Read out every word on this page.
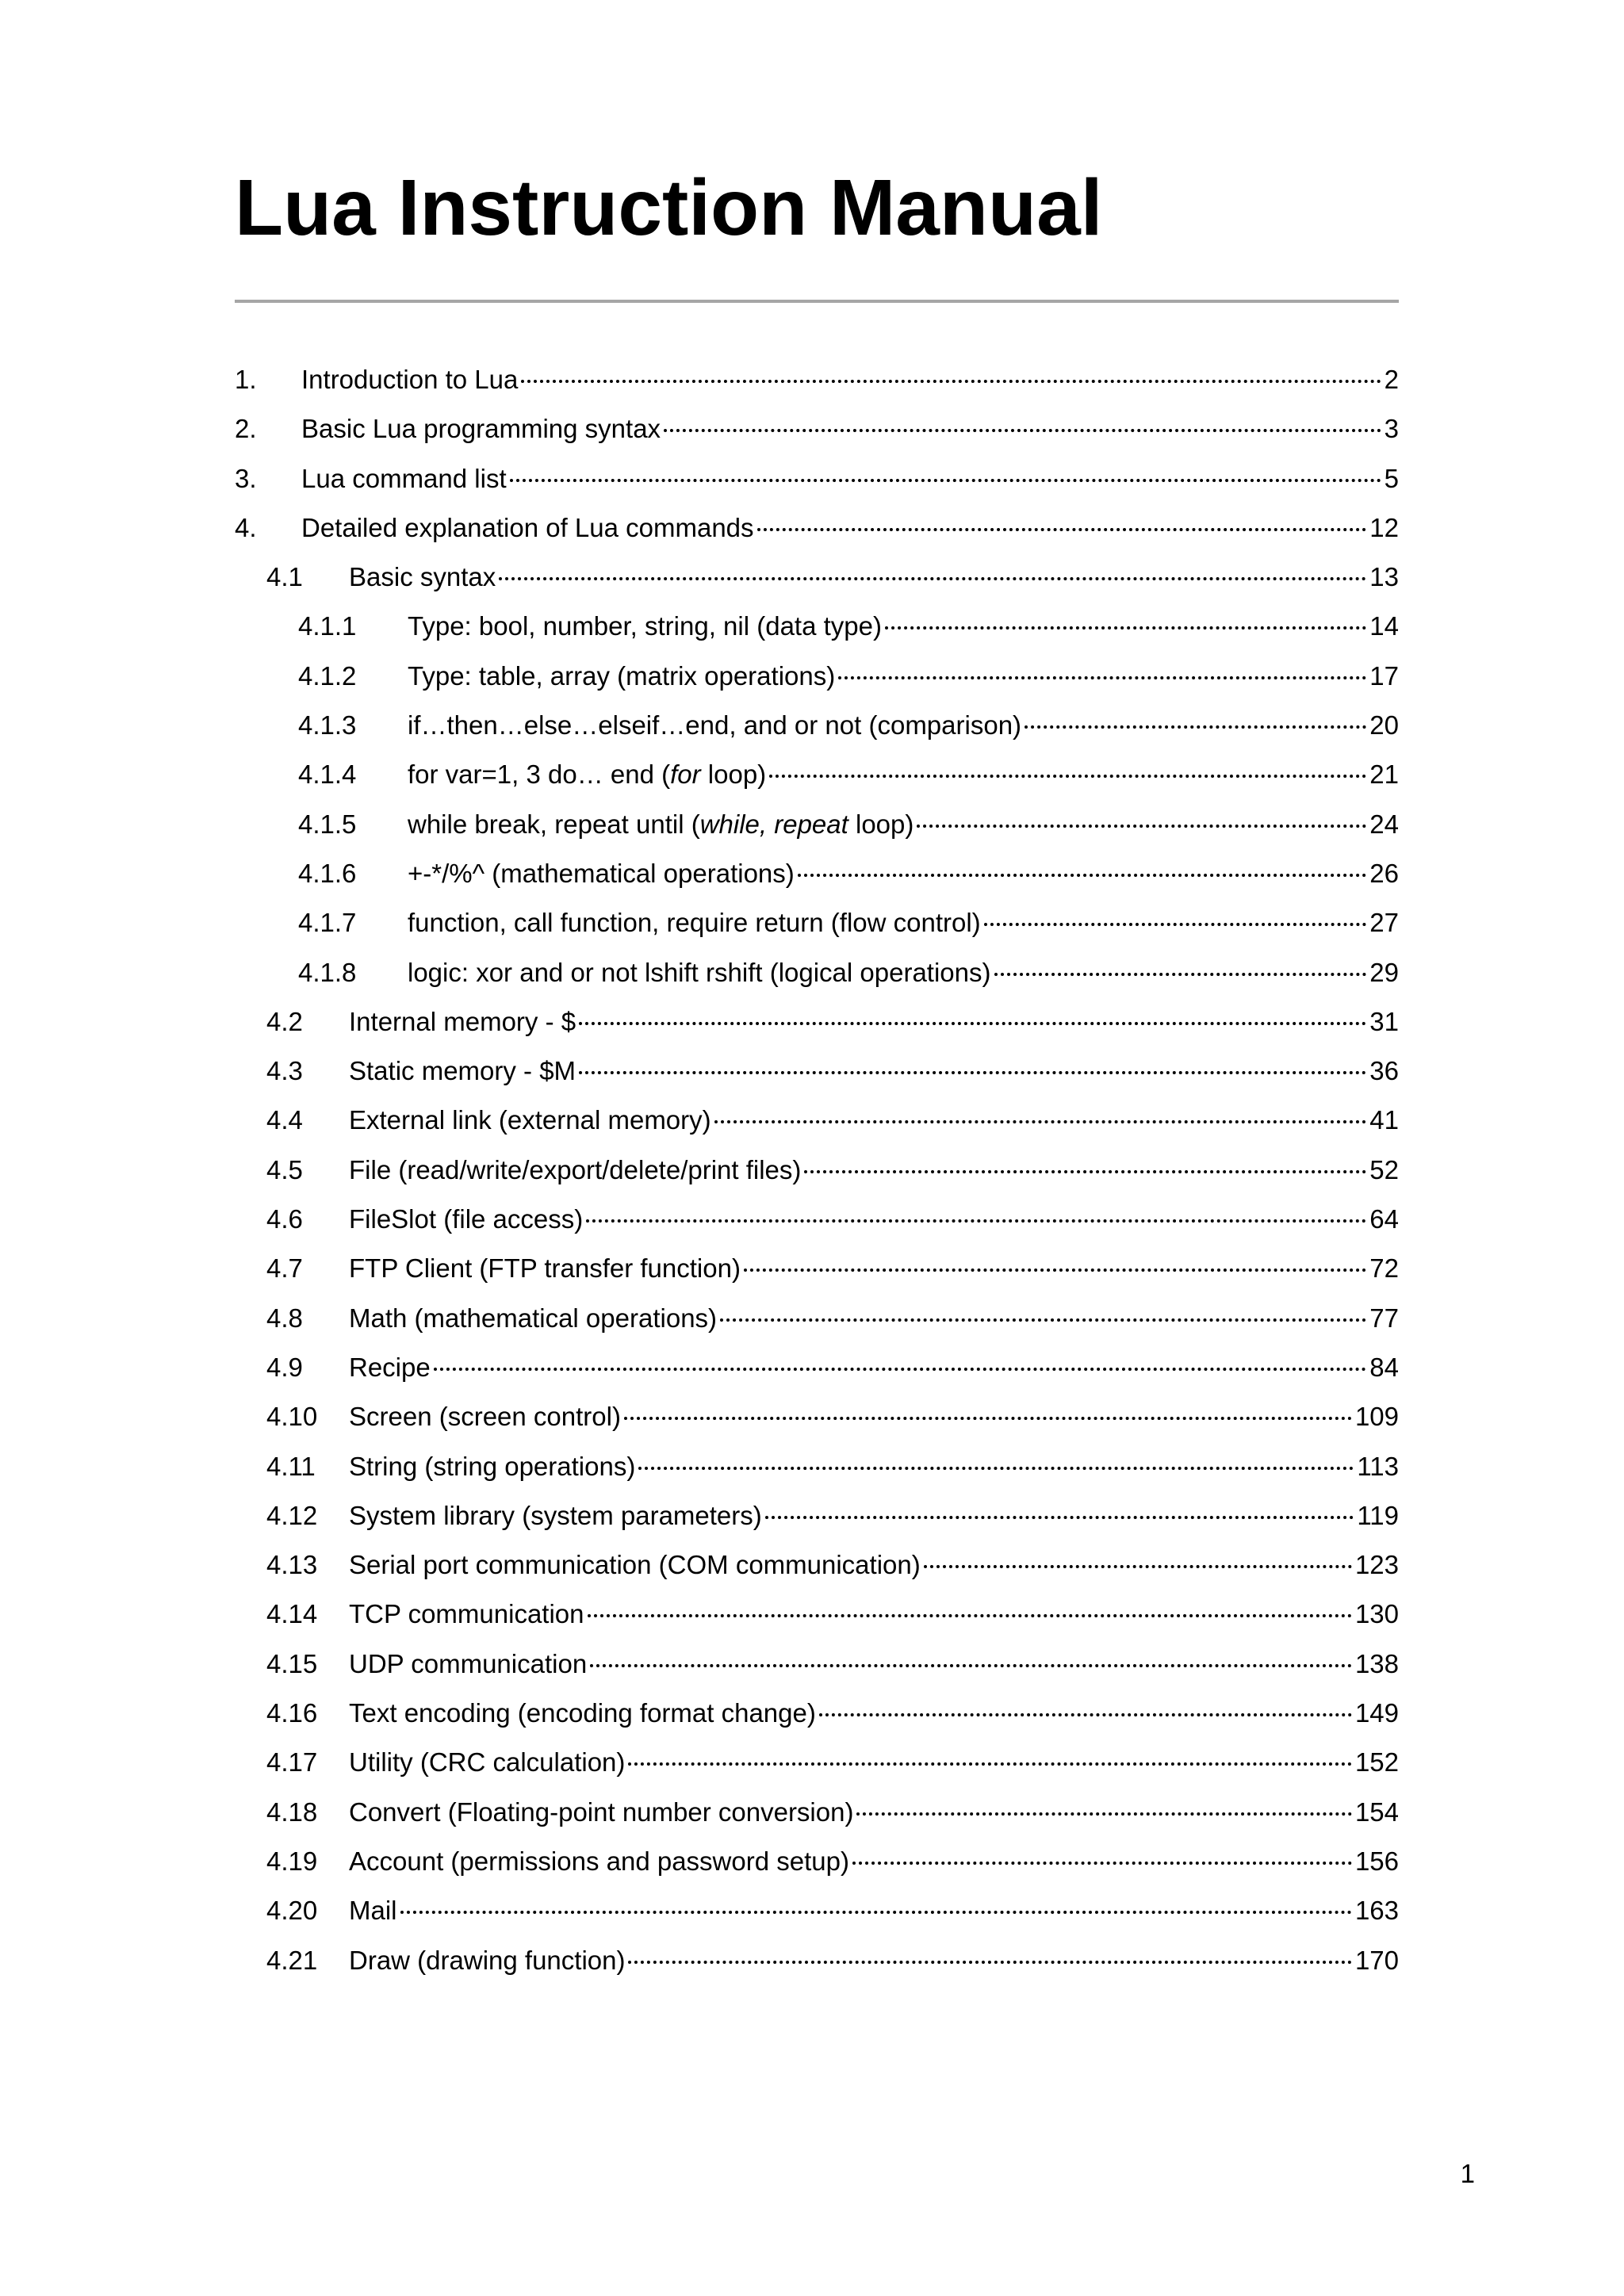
Lua Instruction Manual
1.	Introduction to Lua	2
2.	Basic Lua programming syntax	3
3.	Lua command list	5
4.	Detailed explanation of Lua commands	12
4.1	Basic syntax	13
4.1.1	Type: bool, number, string, nil (data type)	14
4.1.2	Type: table, array (matrix operations)	17
4.1.3	if…then…else…elseif…end, and or not (comparison)	20
4.1.4	for var=1, 3 do… end (for loop)	21
4.1.5	while break, repeat until (while, repeat loop)	24
4.1.6	+-*/%^ (mathematical operations)	26
4.1.7	function, call function, require return (flow control)	27
4.1.8	logic: xor and or not lshift rshift (logical operations)	29
4.2	Internal memory - $	31
4.3	Static memory - $M	36
4.4	External link (external memory)	41
4.5	File (read/write/export/delete/print files)	52
4.6	FileSlot (file access)	64
4.7	FTP Client (FTP transfer function)	72
4.8	Math (mathematical operations)	77
4.9	Recipe	84
4.10	Screen (screen control)	109
4.11	String (string operations)	113
4.12	System library (system parameters)	119
4.13	Serial port communication (COM communication)	123
4.14	TCP communication	130
4.15	UDP communication	138
4.16	Text encoding (encoding format change)	149
4.17	Utility (CRC calculation)	152
4.18	Convert (Floating-point number conversion)	154
4.19	Account (permissions and password setup)	156
4.20	Mail	163
4.21	Draw (drawing function)	170
1
